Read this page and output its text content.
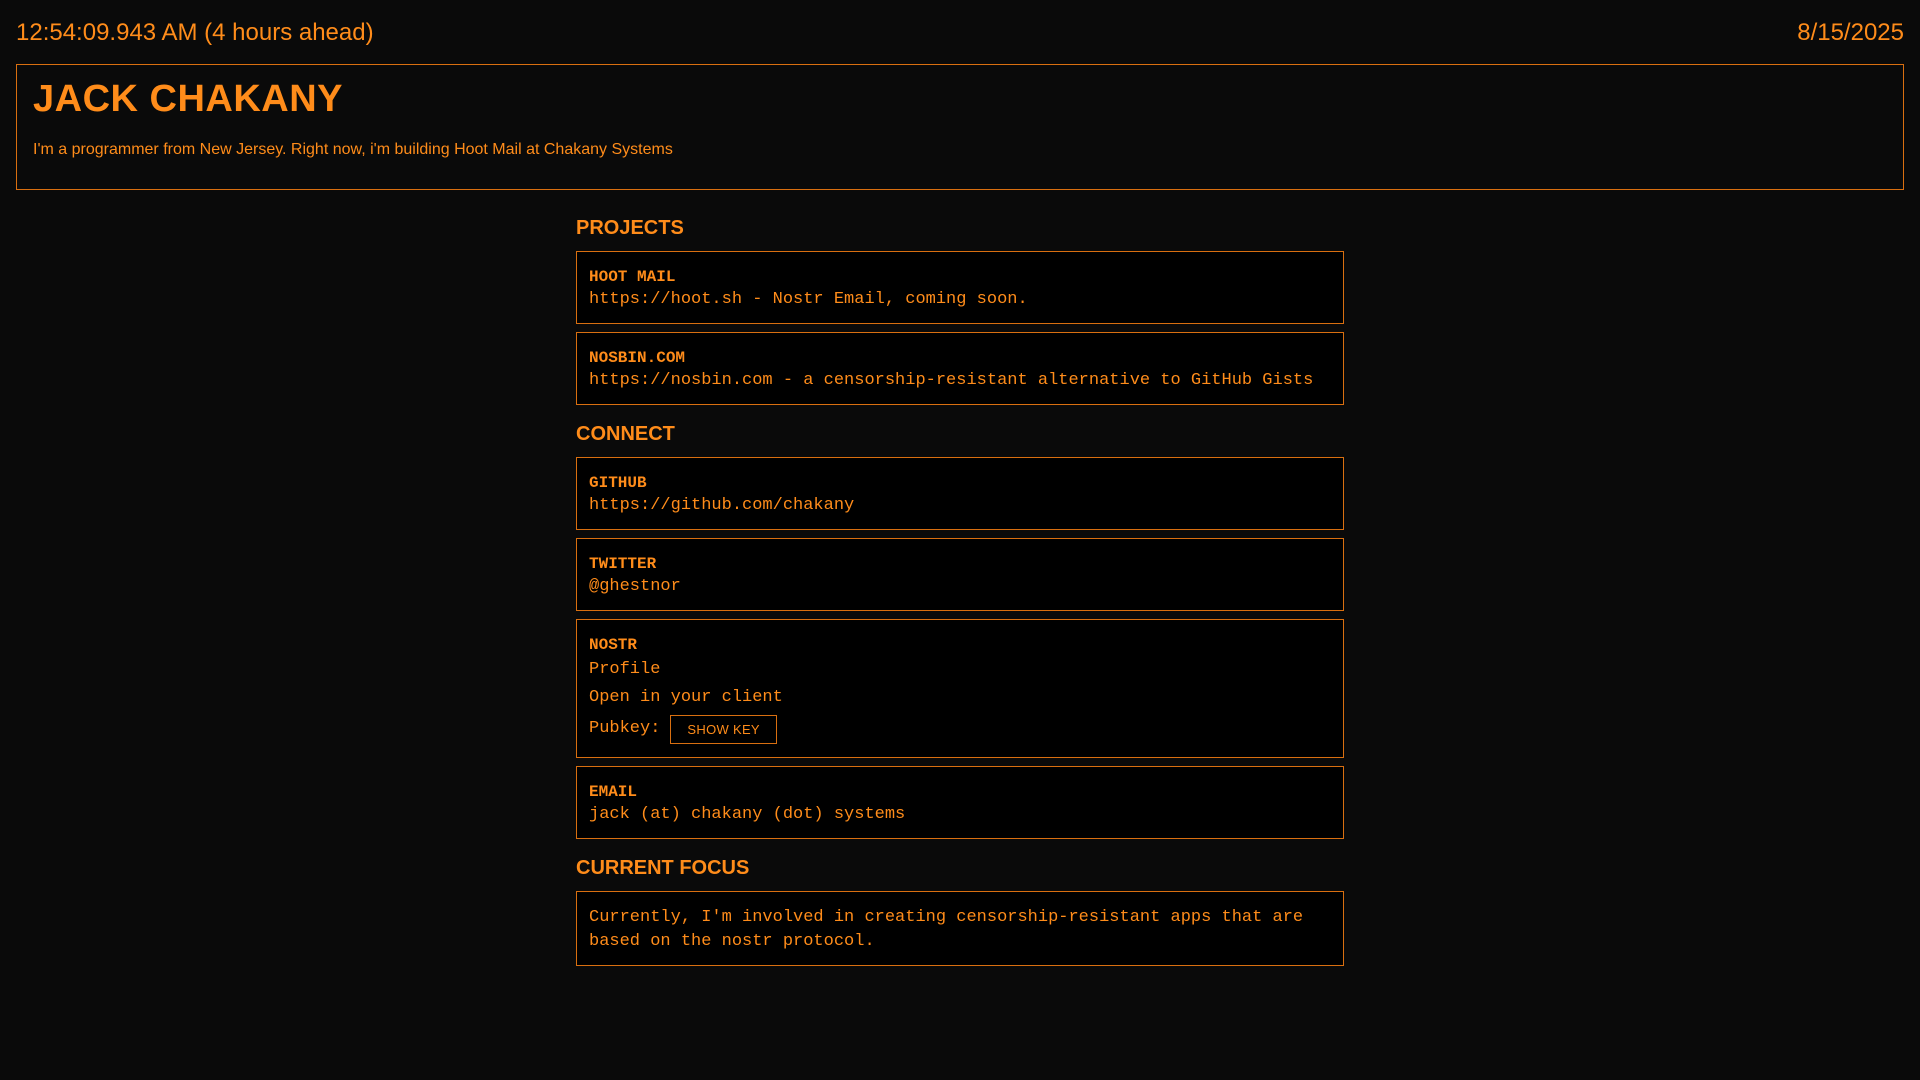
12:54:09.943 AM (4 hours ahead)	8/15/2025
JACK CHAKANY

I'm a programmer from New Jersey. Right now, i'm building Hoot Mail at Chakany Systems

PROJECTS
HOOT MAIL
https://hoot.sh - Nostr Email, coming soon.
NOSBIN.COM
https://nosbin.com - a censorship-resistant alternative to GitHub Gists
CONNECT
GITHUB
https://github.com/chakany
TWITTER
@ghestnor
NOSTR
Profile
Open in your client
Pubkey:	SHOW KEY
EMAIL
jack (at) chakany (dot) systems
CURRENT FOCUS
Currently, I'm involved in creating censorship-resistant apps that are based on the nostr protocol.
